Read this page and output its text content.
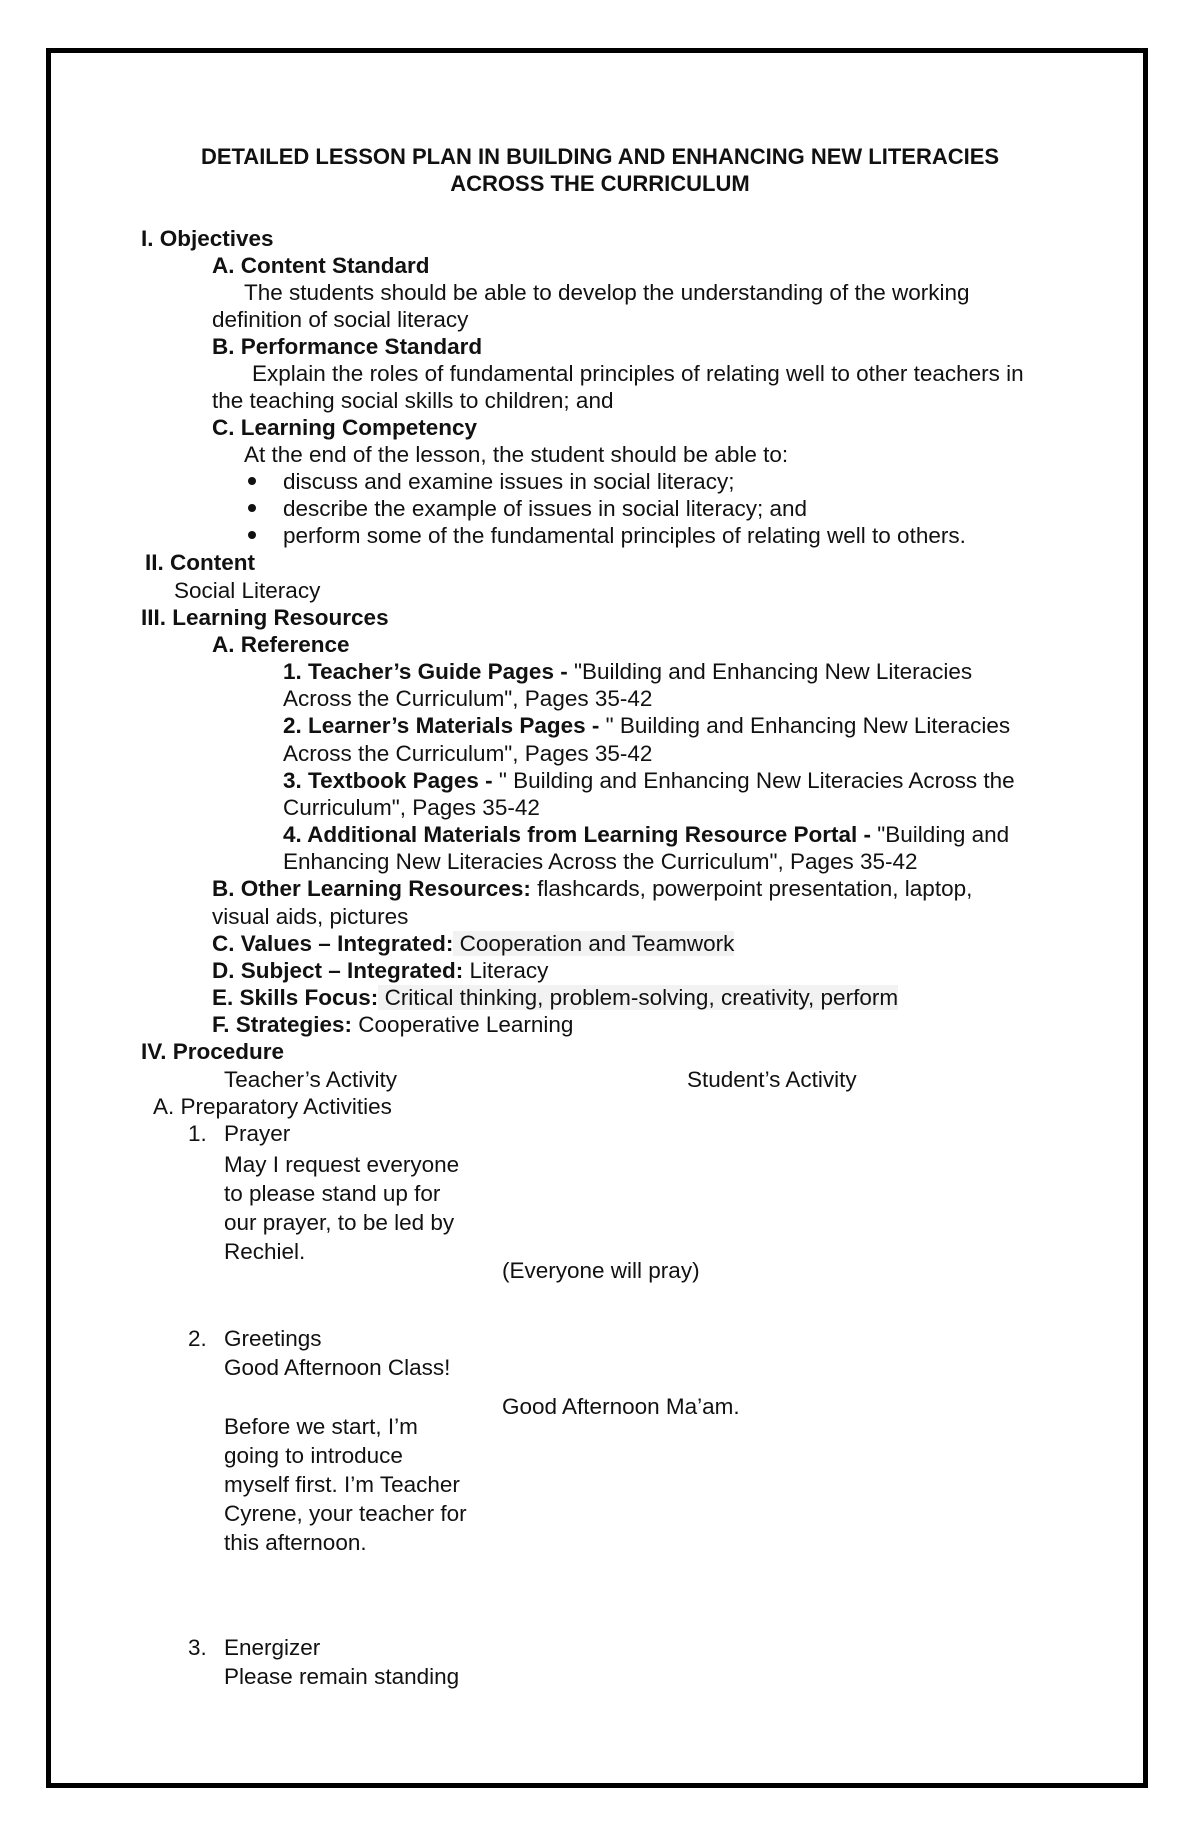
DETAILED LESSON PLAN IN BUILDING AND ENHANCING NEW LITERACIES
ACROSS THE CURRICULUM
I. Objectives
A. Content Standard
The students should be able to develop the understanding of the working
definition of social literacy
B. Performance Standard
Explain the roles of fundamental principles of relating well to other teachers in
the teaching social skills to children; and
C. Learning Competency
At the end of the lesson, the student should be able to:
discuss and examine issues in social literacy;
describe the example of issues in social literacy; and
perform some of the fundamental principles of relating well to others.
II. Content
Social Literacy
III. Learning Resources
A. Reference
1. Teacher’s Guide Pages - "Building and Enhancing New Literacies
Across the Curriculum", Pages 35-42
2. Learner’s Materials Pages - " Building and Enhancing New Literacies
Across the Curriculum", Pages 35-42
3. Textbook Pages - " Building and Enhancing New Literacies Across the
Curriculum", Pages 35-42
4. Additional Materials from Learning Resource Portal - "Building and
Enhancing New Literacies Across the Curriculum", Pages 35-42
B. Other Learning Resources: flashcards, powerpoint presentation, laptop,
visual aids, pictures
C. Values – Integrated: Cooperation and Teamwork
D. Subject – Integrated: Literacy
E. Skills Focus: Critical thinking, problem-solving, creativity, perform
F. Strategies: Cooperative Learning
IV. Procedure
Teacher’s Activity	Student’s Activity
A. Preparatory Activities
1. Prayer
May I request everyone
to please stand up for
our prayer, to be led by
Rechiel.
(Everyone will pray)
2. Greetings
Good Afternoon Class!
Good Afternoon Ma’am.
Before we start, I’m
going to introduce
myself first. I’m Teacher
Cyrene, your teacher for
this afternoon.
3. Energizer
Please remain standing
